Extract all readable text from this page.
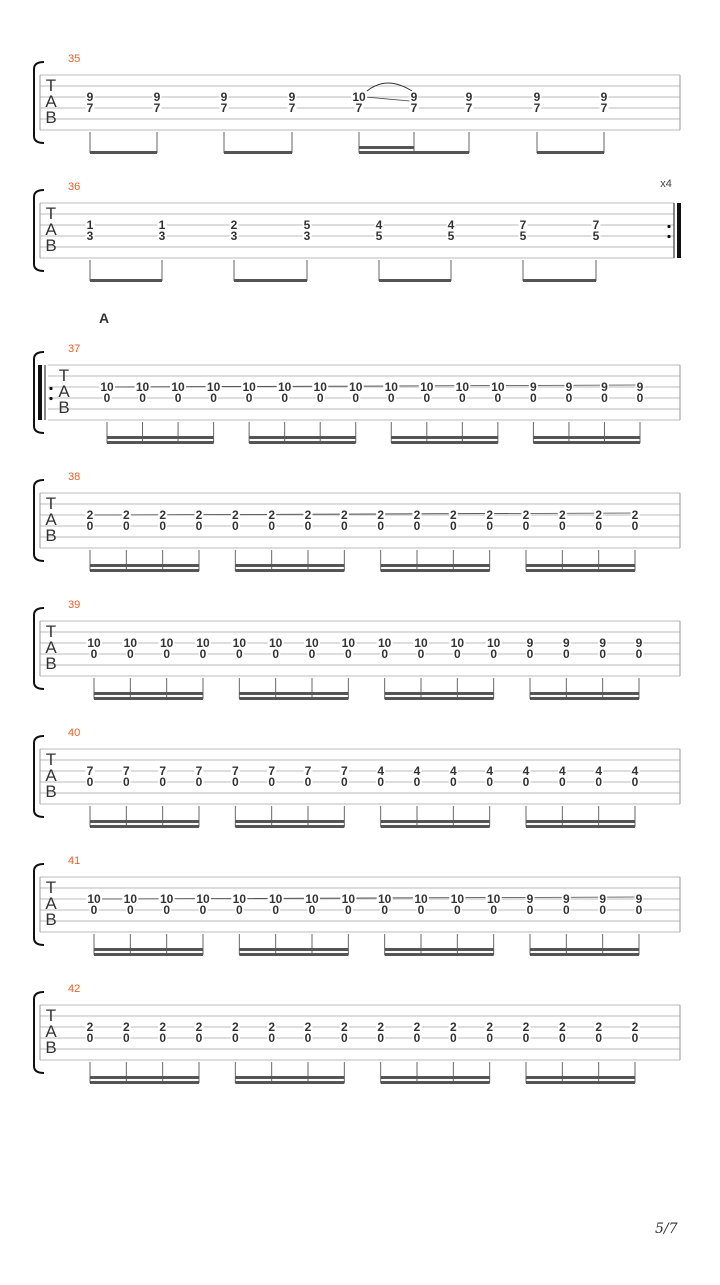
35
T
A
B
9
7
9
7
9
7
9
7
10
7
9
7
9
7
9
7
9
7
36	x4
T
A
B
1
3
1
3
2
3
5
3
4
5
4
5
7
5
7
5
37
T
A
B
10
0
10
0
10
0
10
0
10
0
10
0
10
0
10
0
10
0
10
0
10
0
10
0
9
0
9
0
9
0
9
0
38
T
A
B
2
0
2
0
2
0
2
0
2
0
2
0
2
0
2
0
2
0
2
0
2
0
2
0
2
0
2
0
2
0
2
0
39
T
A
B
10
0
10
0
10
0
10
0
10
0
10
0
10
0
10
0
10
0
10
0
10
0
10
0
9
0
9
0
9
0
9
0
40
T
A
B
7
0
7
0
7
0
7
0
7
0
7
0
7
0
7
0
4
0
4
0
4
0
4
0
4
0
4
0
4
0
4
0
41
T
A
B
10
0
10
0
10
0
10
0
10
0
10
0
10
0
10
0
10
0
10
0
10
0
10
0
9
0
9
0
9
0
9
0
42
T
A
B
2
0
2
0
2
0
2
0
2
0
2
0
2
0
2
0
2
0
2
0
2
0
2
0
2
0
2
0
2
0
2
0
A
5/7
